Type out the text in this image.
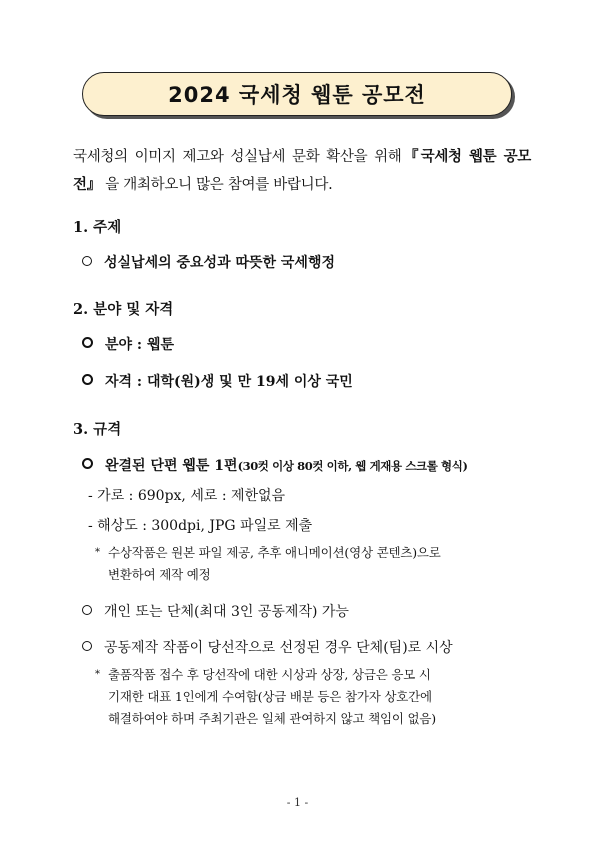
2024 국세청 웹툰 공모전
국세청의 이미지 제고와 성실납세 문화 확산을 위해『국세청 웹툰 공모전』 을 개최하오니 많은 참여를 바랍니다.
1. 주제
성실납세의 중요성과 따뜻한 국세행정
2. 분야 및 자격
분야 : 웹툰
자격 : 대학(원)생 및 만 19세 이상 국민
3. 규격
완결된 단편 웹툰 1편(30컷 이상 80컷 이하, 웹 게재용 스크롤 형식)
- 가로 : 690px, 세로 : 제한없음
- 해상도 : 300dpi, JPG 파일로 제출
* 수상작품은 원본 파일 제공, 추후 애니메이션(영상 콘텐츠)으로
변환하여 제작 예정
개인 또는 단체(최대 3인 공동제작) 가능
공동제작 작품이 당선작으로 선정된 경우 단체(팀)로 시상
* 출품작품 접수 후 당선작에 대한 시상과 상장, 상금은 응모 시
기재한 대표 1인에게 수여함(상금 배분 등은 참가자 상호간에
해결하여야 하며 주최기관은 일체 관여하지 않고 책임이 없음)
- 1 -
